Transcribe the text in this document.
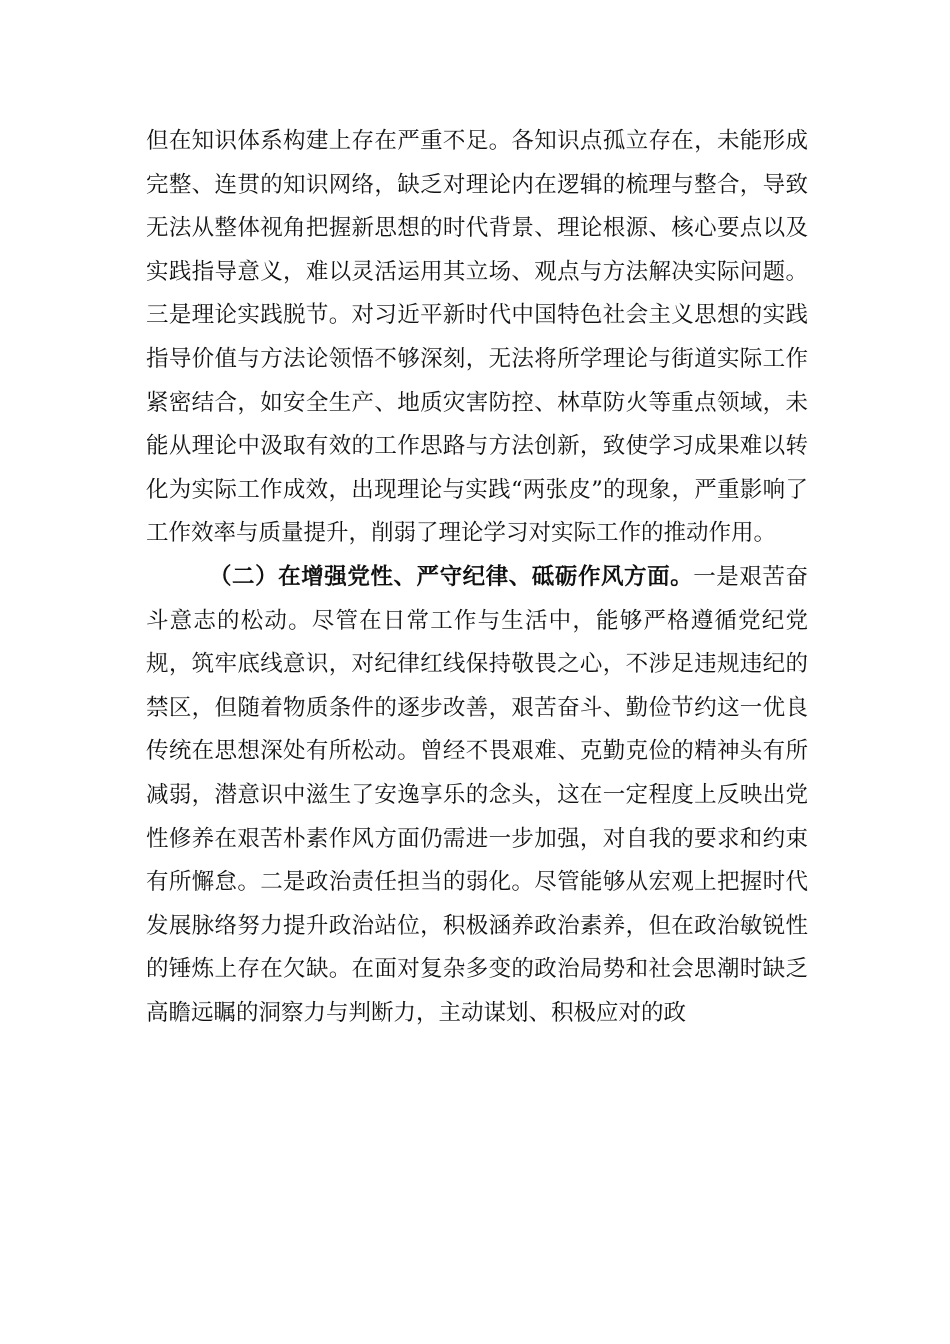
但在知识体系构建上存在严重不足。各知识点孤立存在，未能形成完整、连贯的知识网络，缺乏对理论内在逻辑的梳理与整合，导致无法从整体视角把握新思想的时代背景、理论根源、核心要点以及实践指导意义，难以灵活运用其立场、观点与方法解决实际问题。三是理论实践脱节。对习近平新时代中国特色社会主义思想的实践指导价值与方法论领悟不够深刻，无法将所学理论与街道实际工作紧密结合，如安全生产、地质灾害防控、林草防火等重点领域，未能从理论中汲取有效的工作思路与方法创新，致使学习成果难以转化为实际工作成效，出现理论与实践“两张皮”的现象，严重影响了工作效率与质量提升，削弱了理论学习对实际工作的推动作用。

（二）在增强党性、严守纪律、砥砺作风方面。一是艰苦奋斗意志的松动。尽管在日常工作与生活中，能够严格遵循党纪党规，筑牢底线意识，对纪律红线保持敬畏之心，不涉足违规违纪的禁区，但随着物质条件的逐步改善，艰苦奋斗、勤俭节约这一优良传统在思想深处有所松动。曾经不畏艰难、克勤克俭的精神头有所减弱，潜意识中滋生了安逸享乐的念头，这在一定程度上反映出党性修养在艰苦朴素作风方面仍需进一步加强，对自我的要求和约束有所懈怠。二是政治责任担当的弱化。尽管能够从宏观上把握时代发展脉络努力提升政治站位，积极涵养政治素养，但在政治敏锐性的锤炼上存在欠缺。在面对复杂多变的政治局势和社会思潮时缺乏高瞻远瞩的洞察力与判断力，主动谋划、积极应对的政
